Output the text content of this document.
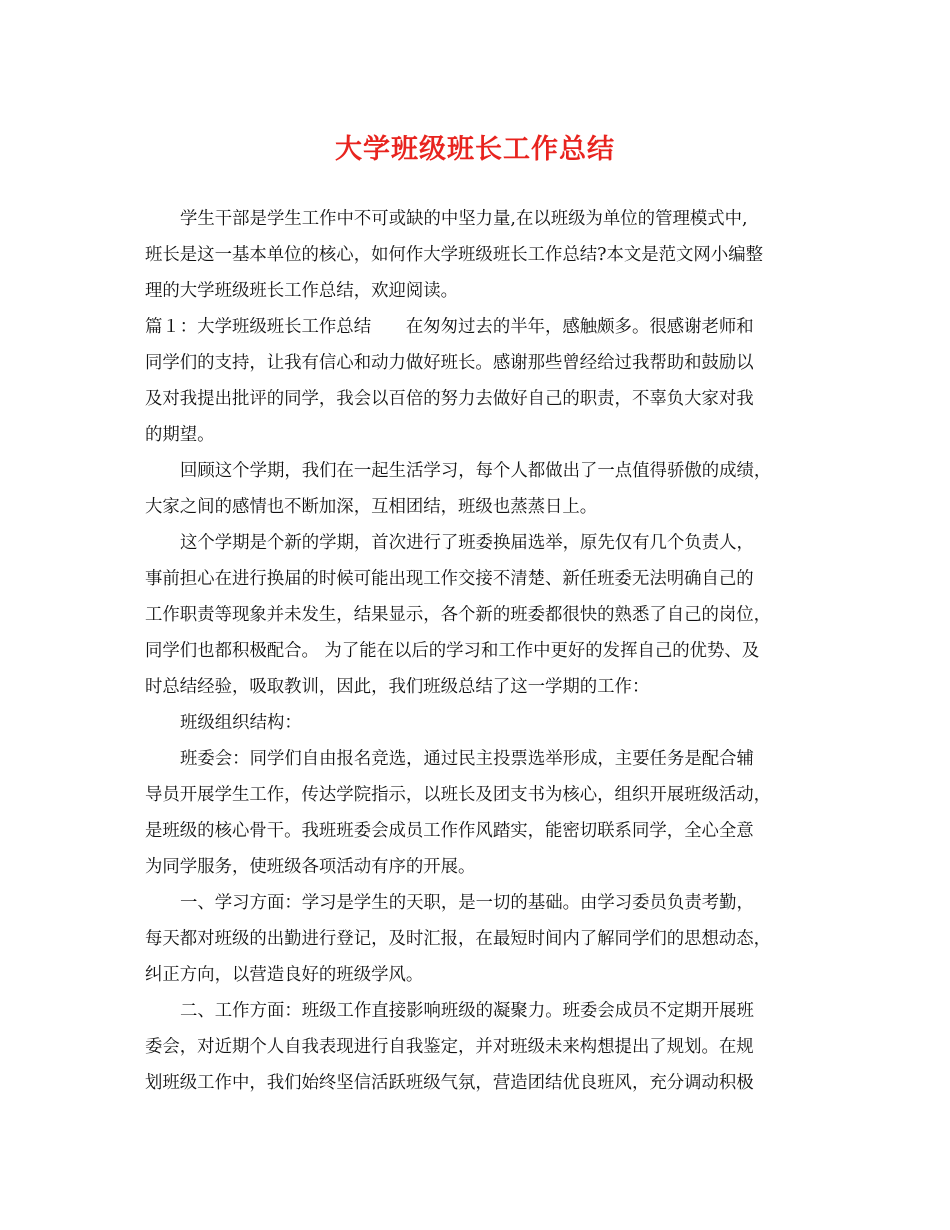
大学班级班长工作总结
学生干部是学生工作中不可或缺的中坚力量,在以班级为单位的管理模式中,
班长是这一基本单位的核心，如何作大学班级班长工作总结?本文是范文网小编整
理的大学班级班长工作总结，欢迎阅读。
篇１：大学班级班长工作总结　　在匆匆过去的半年，感触颇多。很感谢老师和
同学们的支持，让我有信心和动力做好班长。感谢那些曾经给过我帮助和鼓励以
及对我提出批评的同学，我会以百倍的努力去做好自己的职责，不辜负大家对我
的期望。
回顾这个学期，我们在一起生活学习，每个人都做出了一点值得骄傲的成绩，
大家之间的感情也不断加深，互相团结，班级也蒸蒸日上。
这个学期是个新的学期，首次进行了班委换届选举，原先仅有几个负责人，
事前担心在进行换届的时候可能出现工作交接不清楚、新任班委无法明确自己的
工作职责等现象并未发生，结果显示，各个新的班委都很快的熟悉了自己的岗位，
同学们也都积极配合。 为了能在以后的学习和工作中更好的发挥自己的优势、及
时总结经验，吸取教训，因此，我们班级总结了这一学期的工作：
班级组织结构：
班委会：同学们自由报名竞选，通过民主投票选举形成，主要任务是配合辅
导员开展学生工作，传达学院指示，以班长及团支书为核心，组织开展班级活动，
是班级的核心骨干。我班班委会成员工作作风踏实，能密切联系同学，全心全意
为同学服务，使班级各项活动有序的开展。
一、学习方面：学习是学生的天职，是一切的基础。由学习委员负责考勤，
每天都对班级的出勤进行登记，及时汇报，在最短时间内了解同学们的思想动态，
纠正方向，以营造良好的班级学风。
二、工作方面：班级工作直接影响班级的凝聚力。班委会成员不定期开展班
委会，对近期个人自我表现进行自我鉴定，并对班级未来构想提出了规划。在规
划班级工作中，我们始终坚信活跃班级气氛，营造团结优良班风，充分调动积极
